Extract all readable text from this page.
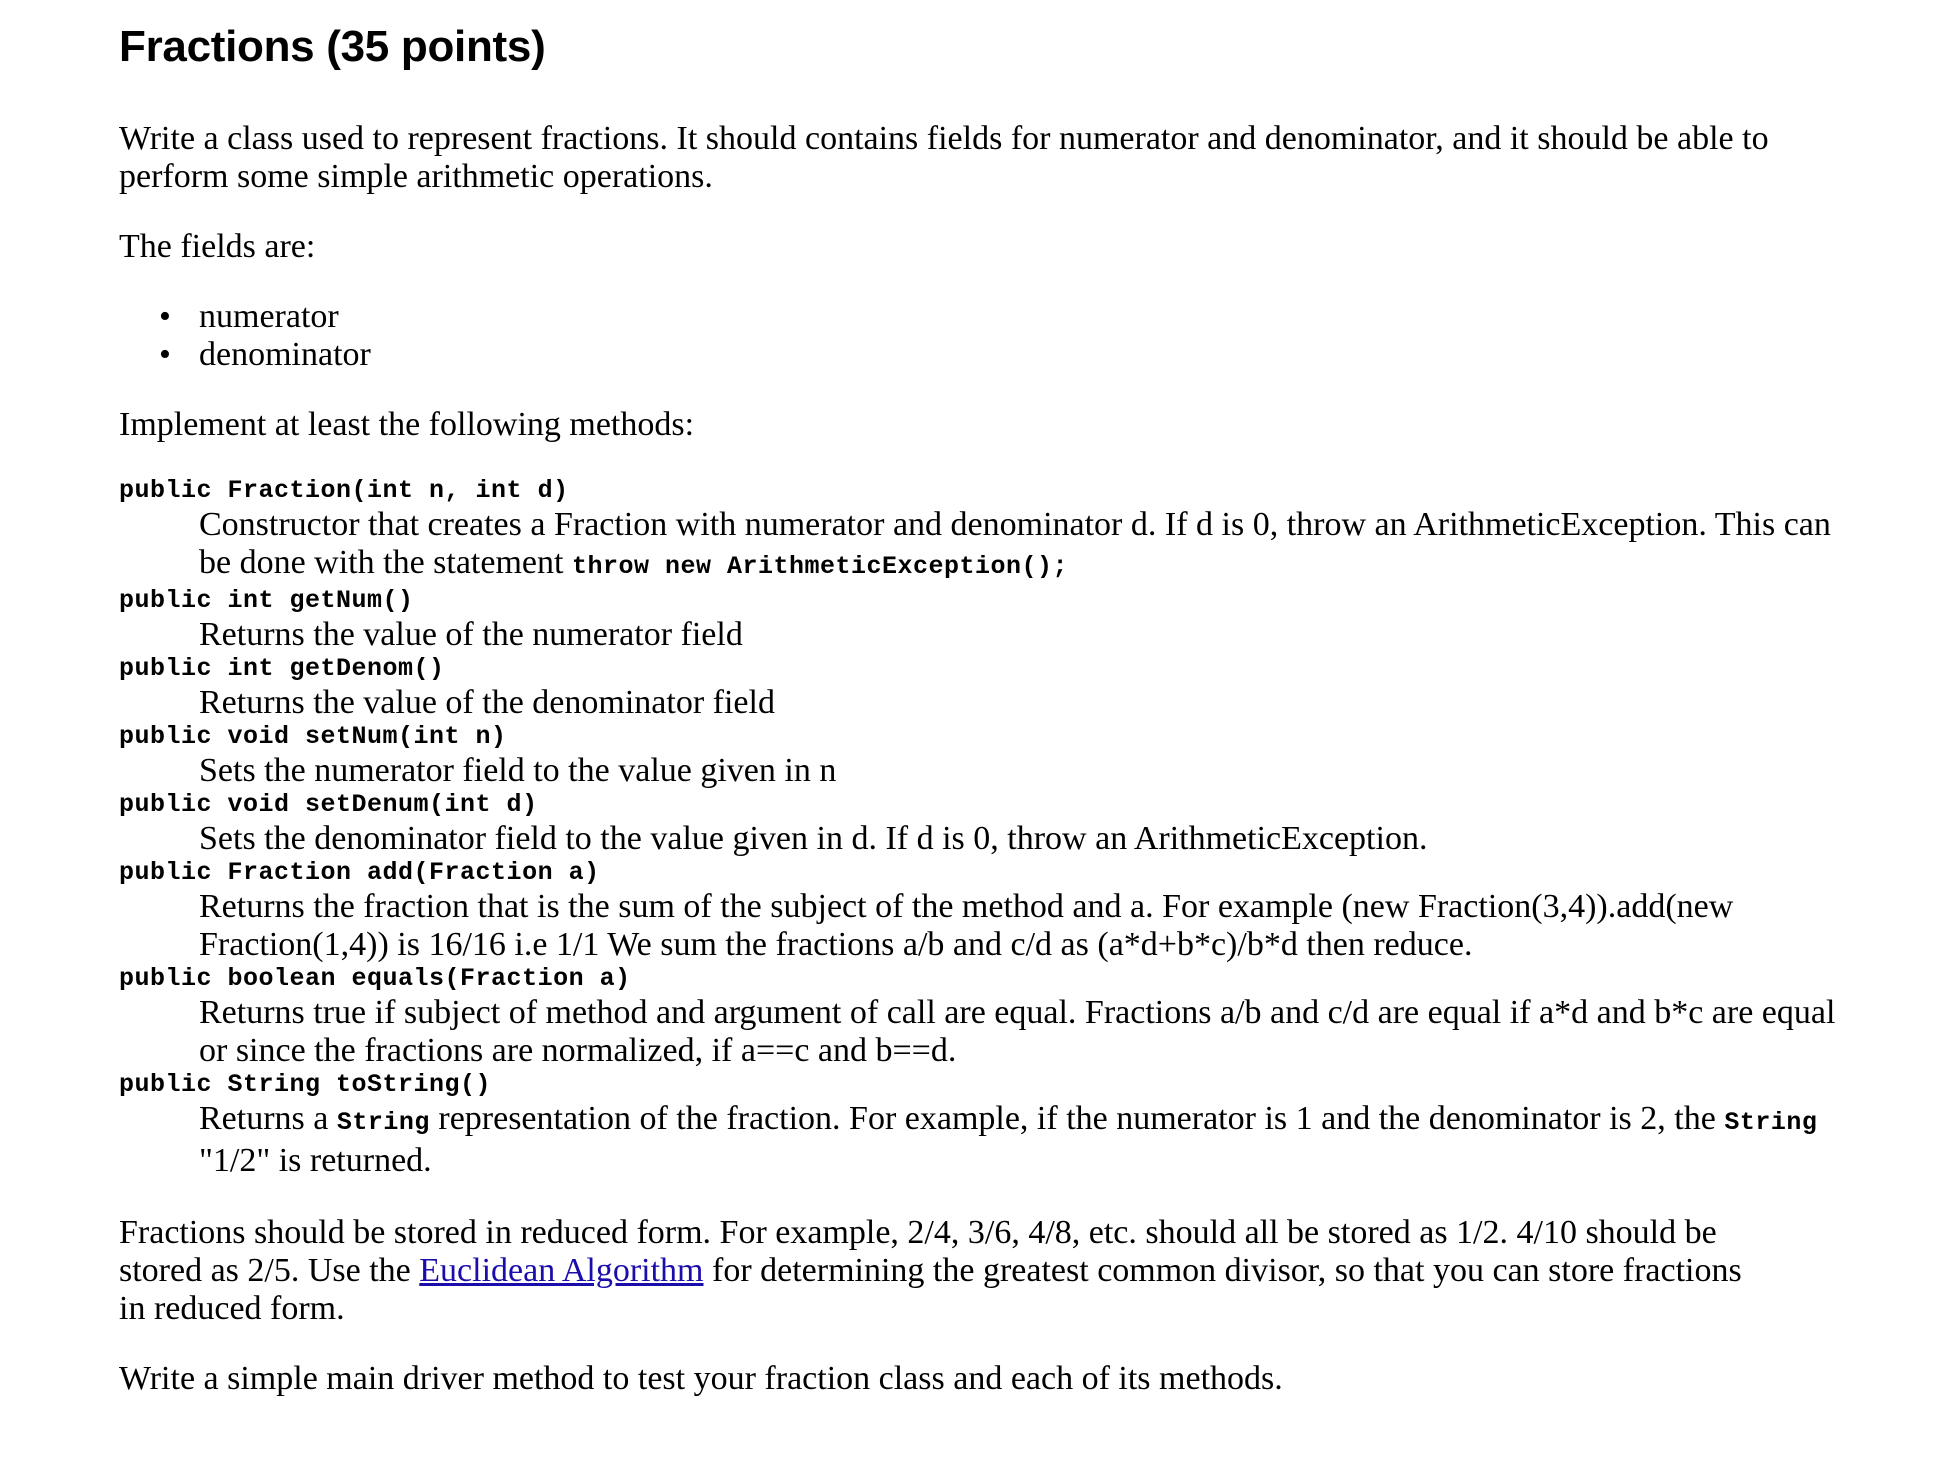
Fractions (35 points)

Write a class used to represent fractions. It should contains fields for numerator and denominator, and it should be able to perform some simple arithmetic operations.

The fields are:

• numerator
• denominator

Implement at least the following methods:

public Fraction(int n, int d)
Constructor that creates a Fraction with numerator and denominator d. If d is 0, throw an ArithmeticException. This can be done with the statement throw new ArithmeticException();
public int getNum()
Returns the value of the numerator field
public int getDenom()
Returns the value of the denominator field
public void setNum(int n)
Sets the numerator field to the value given in n
public void setDenum(int d)
Sets the denominator field to the value given in d. If d is 0, throw an ArithmeticException.
public Fraction add(Fraction a)
Returns the fraction that is the sum of the subject of the method and a. For example (new Fraction(3,4)).add(new Fraction(1,4)) is 16/16 i.e 1/1 We sum the fractions a/b and c/d as (a*d+b*c)/b*d then reduce.
public boolean equals(Fraction a)
Returns true if subject of method and argument of call are equal. Fractions a/b and c/d are equal if a*d and b*c are equal or since the fractions are normalized, if a==c and b==d.
public String toString()
Returns a String representation of the fraction. For example, if the numerator is 1 and the denominator is 2, the String "1/2" is returned.

Fractions should be stored in reduced form. For example, 2/4, 3/6, 4/8, etc. should all be stored as 1/2. 4/10 should be stored as 2/5. Use the Euclidean Algorithm for determining the greatest common divisor, so that you can store fractions in reduced form.

Write a simple main driver method to test your fraction class and each of its methods.
